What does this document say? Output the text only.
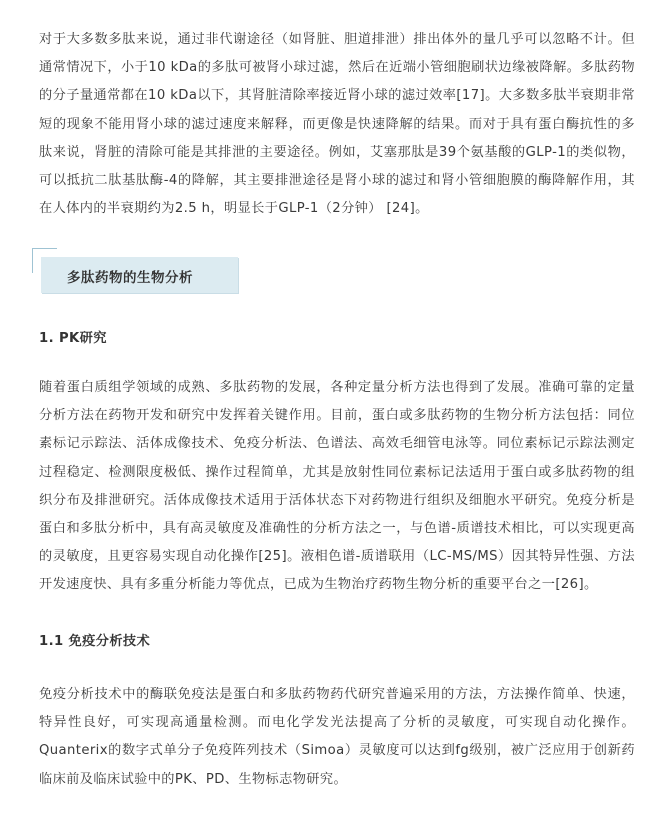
对于大多数多肽来说，通过非代谢途径（如肾脏、胆道排泄）排出体外的量几乎可以忽略不计。但通常情况下，小于10 kDa的多肽可被肾小球过滤，然后在近端小管细胞刷状边缘被降解。多肽药物的分子量通常都在10 kDa以下，其肾脏清除率接近肾小球的滤过效率[17]。大多数多肽半衰期非常短的现象不能用肾小球的滤过速度来解释，而更像是快速降解的结果。而对于具有蛋白酶抗性的多肽来说，肾脏的清除可能是其排泄的主要途径。例如，艾塞那肽是39个氨基酸的GLP-1的类似物，可以抵抗二肽基肽酶-4的降解，其主要排泄途径是肾小球的滤过和肾小管细胞膜的酶降解作用，其在人体内的半衰期约为2.5 h，明显长于GLP-1（2分钟） [24]。

多肽药物的生物分析

1. PK研究

随着蛋白质组学领域的成熟、多肽药物的发展，各种定量分析方法也得到了发展。准确可靠的定量分析方法在药物开发和研究中发挥着关键作用。目前，蛋白或多肽药物的生物分析方法包括：同位素标记示踪法、活体成像技术、免疫分析法、色谱法、高效毛细管电泳等。同位素标记示踪法测定过程稳定、检测限度极低、操作过程简单，尤其是放射性同位素标记法适用于蛋白或多肽药物的组织分布及排泄研究。活体成像技术适用于活体状态下对药物进行组织及细胞水平研究。免疫分析是蛋白和多肽分析中，具有高灵敏度及准确性的分析方法之一，与色谱-质谱技术相比，可以实现更高的灵敏度，且更容易实现自动化操作[25]。液相色谱-质谱联用（LC-MS/MS）因其特异性强、方法开发速度快、具有多重分析能力等优点，已成为生物治疗药物生物分析的重要平台之一[26]。

1.1 免疫分析技术

免疫分析技术中的酶联免疫法是蛋白和多肽药物药代研究普遍采用的方法，方法操作简单、快速，特异性良好，可实现高通量检测。而电化学发光法提高了分析的灵敏度，可实现自动化操作。Quanterix的数字式单分子免疫阵列技术（Simoa）灵敏度可以达到fg级别，被广泛应用于创新药临床前及临床试验中的PK、PD、生物标志物研究。
